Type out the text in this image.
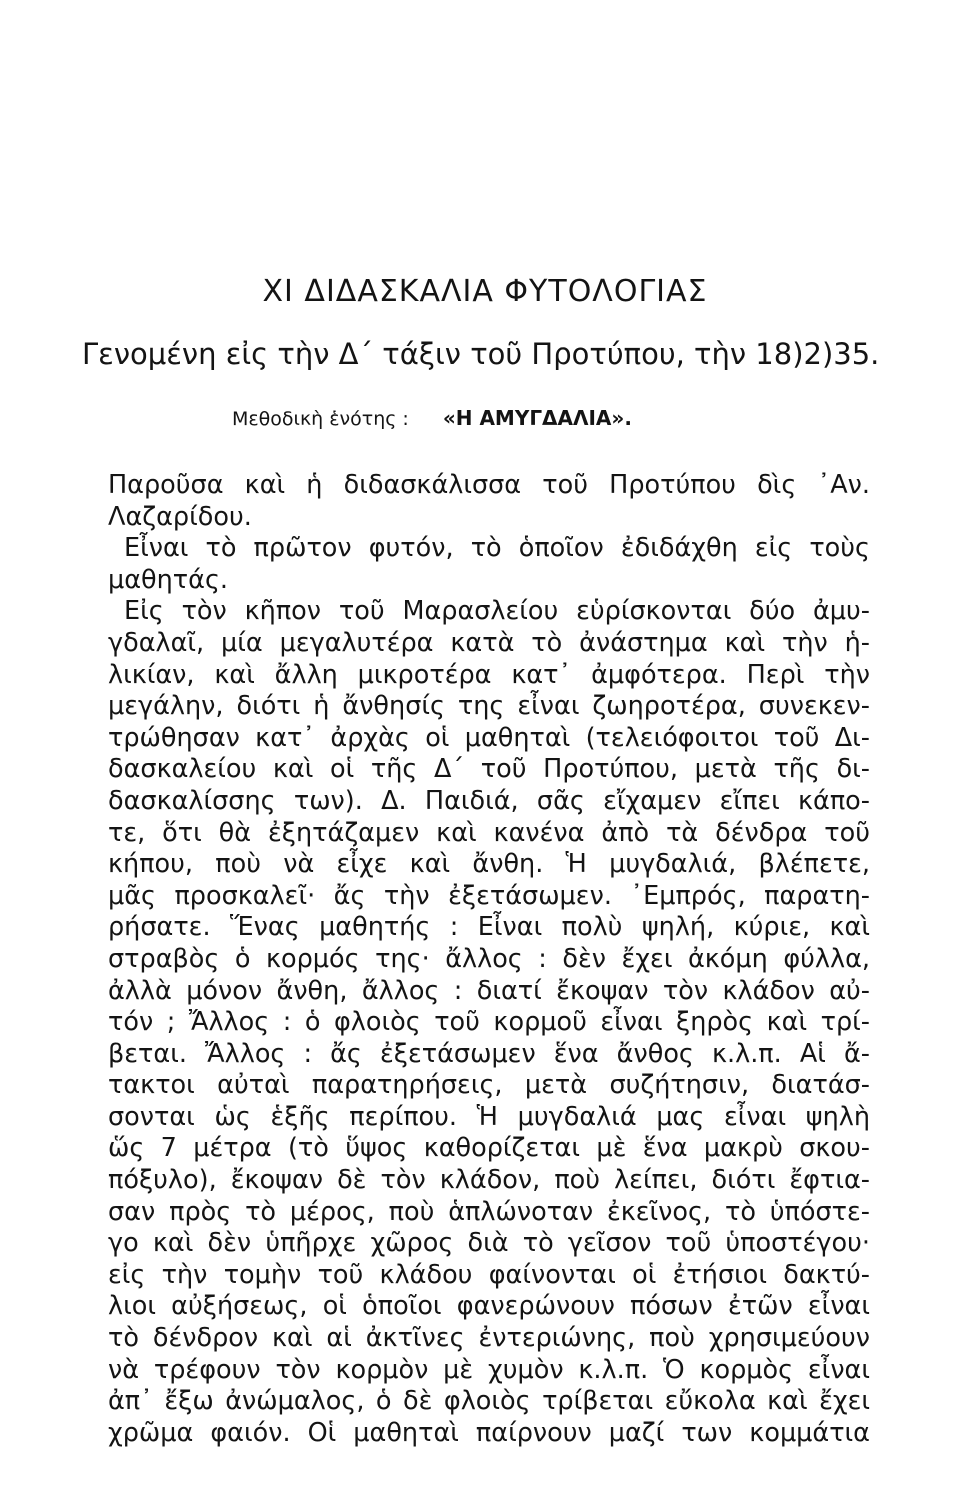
XI ΔΙΔΑΣΚΑΛΙΑ ΦΥΤΟΛΟΓΙΑΣ
Γενομένη εἰς τὴν Δ΄ τάξιν τοῦ Προτύπου, τὴν 18)2)35.
Μεθοδικὴ ἑνότης : «Η ΑΜΥΓΔΑΛΙΑ».
Παροῦσα καὶ ἡ διδασκάλισσα τοῦ Προτύπου δὶς ᾿Αν.
Λαζαρίδου.
Εἶναι τὸ πρῶτον φυτόν, τὸ ὁποῖον ἐδιδάχθη εἰς τοὺς
μαθητάς.
Εἰς τὸν κῆπον τοῦ Μαρασλείου εὑρίσκονται δύο ἀμυ-
γδαλαῖ, μία μεγαλυτέρα κατὰ τὸ ἀνάστημα καὶ τὴν ἡ-
λικίαν, καὶ ἄλλη μικροτέρα κατ᾿ ἀμφότερα. Περὶ τὴν
μεγάλην, διότι ἡ ἄνθησίς της εἶναι ζωηροτέρα, συνεκεν-
τρώθησαν κατ᾿ ἀρχὰς οἱ μαθηταὶ (τελειόφοιτοι τοῦ Δι-
δασκαλείου καὶ οἱ τῆς Δ΄ τοῦ Προτύπου, μετὰ τῆς δι-
δασκαλίσσης των). Δ. Παιδιά, σᾶς εἴχαμεν εἴπει κάπο-
τε, ὅτι θὰ ἐξητάζαμεν καὶ κανένα ἀπὸ τὰ δένδρα τοῦ
κήπου, ποὺ νὰ εἶχε καὶ ἄνθη. Ἡ μυγδαλιά, βλέπετε,
μᾶς προσκαλεῖ· ἄς τὴν ἐξετάσωμεν. ᾿Εμπρός, παρατη-
ρήσατε. Ἕνας μαθητής : Εἶναι πολὺ ψηλή, κύριε, καὶ
στραβὸς ὁ κορμός της· ἄλλος : δὲν ἔχει ἀκόμη φύλλα,
ἀλλὰ μόνον ἄνθη, ἄλλος : διατί ἔκοψαν τὸν κλάδον αὐ-
τόν ; Ἄλλος : ὁ φλοιὸς τοῦ κορμοῦ εἶναι ξηρὸς καὶ τρί-
βεται. Ἄλλος : ἄς ἐξετάσωμεν ἕνα ἄνθος κ.λ.π. Αἱ ἄ-
τακτοι αὐταὶ παρατηρήσεις, μετὰ συζήτησιν, διατάσ-
σονται ὡς ἑξῆς περίπου. Ἡ μυγδαλιά μας εἶναι ψηλὴ
ὥς 7 μέτρα (τὸ ὕψος καθορίζεται μὲ ἕνα μακρὺ σκου-
πόξυλο), ἔκοψαν δὲ τὸν κλάδον, ποὺ λείπει, διότι ἔφτια-
σαν πρὸς τὸ μέρος, ποὺ ἁπλώνοταν ἐκεῖνος, τὸ ὑπόστε-
γο καὶ δὲν ὑπῆρχε χῶρος διὰ τὸ γεῖσον τοῦ ὑποστέγου·
εἰς τὴν τομὴν τοῦ κλάδου φαίνονται οἱ ἐτήσιοι δακτύ-
λιοι αὐξήσεως, οἱ ὁποῖοι φανερώνουν πόσων ἐτῶν εἶναι
τὸ δένδρον καὶ αἱ ἀκτῖνες ἐντεριώνης, ποὺ χρησιμεύουν
νὰ τρέφουν τὸν κορμὸν μὲ χυμὸν κ.λ.π. Ὁ κορμὸς εἶναι
ἀπ᾿ ἔξω ἀνώμαλος, ὁ δὲ φλοιὸς τρίβεται εὔκολα καὶ ἔχει
χρῶμα φαιόν. Οἱ μαθηταὶ παίρνουν μαζί των κομμάτια
